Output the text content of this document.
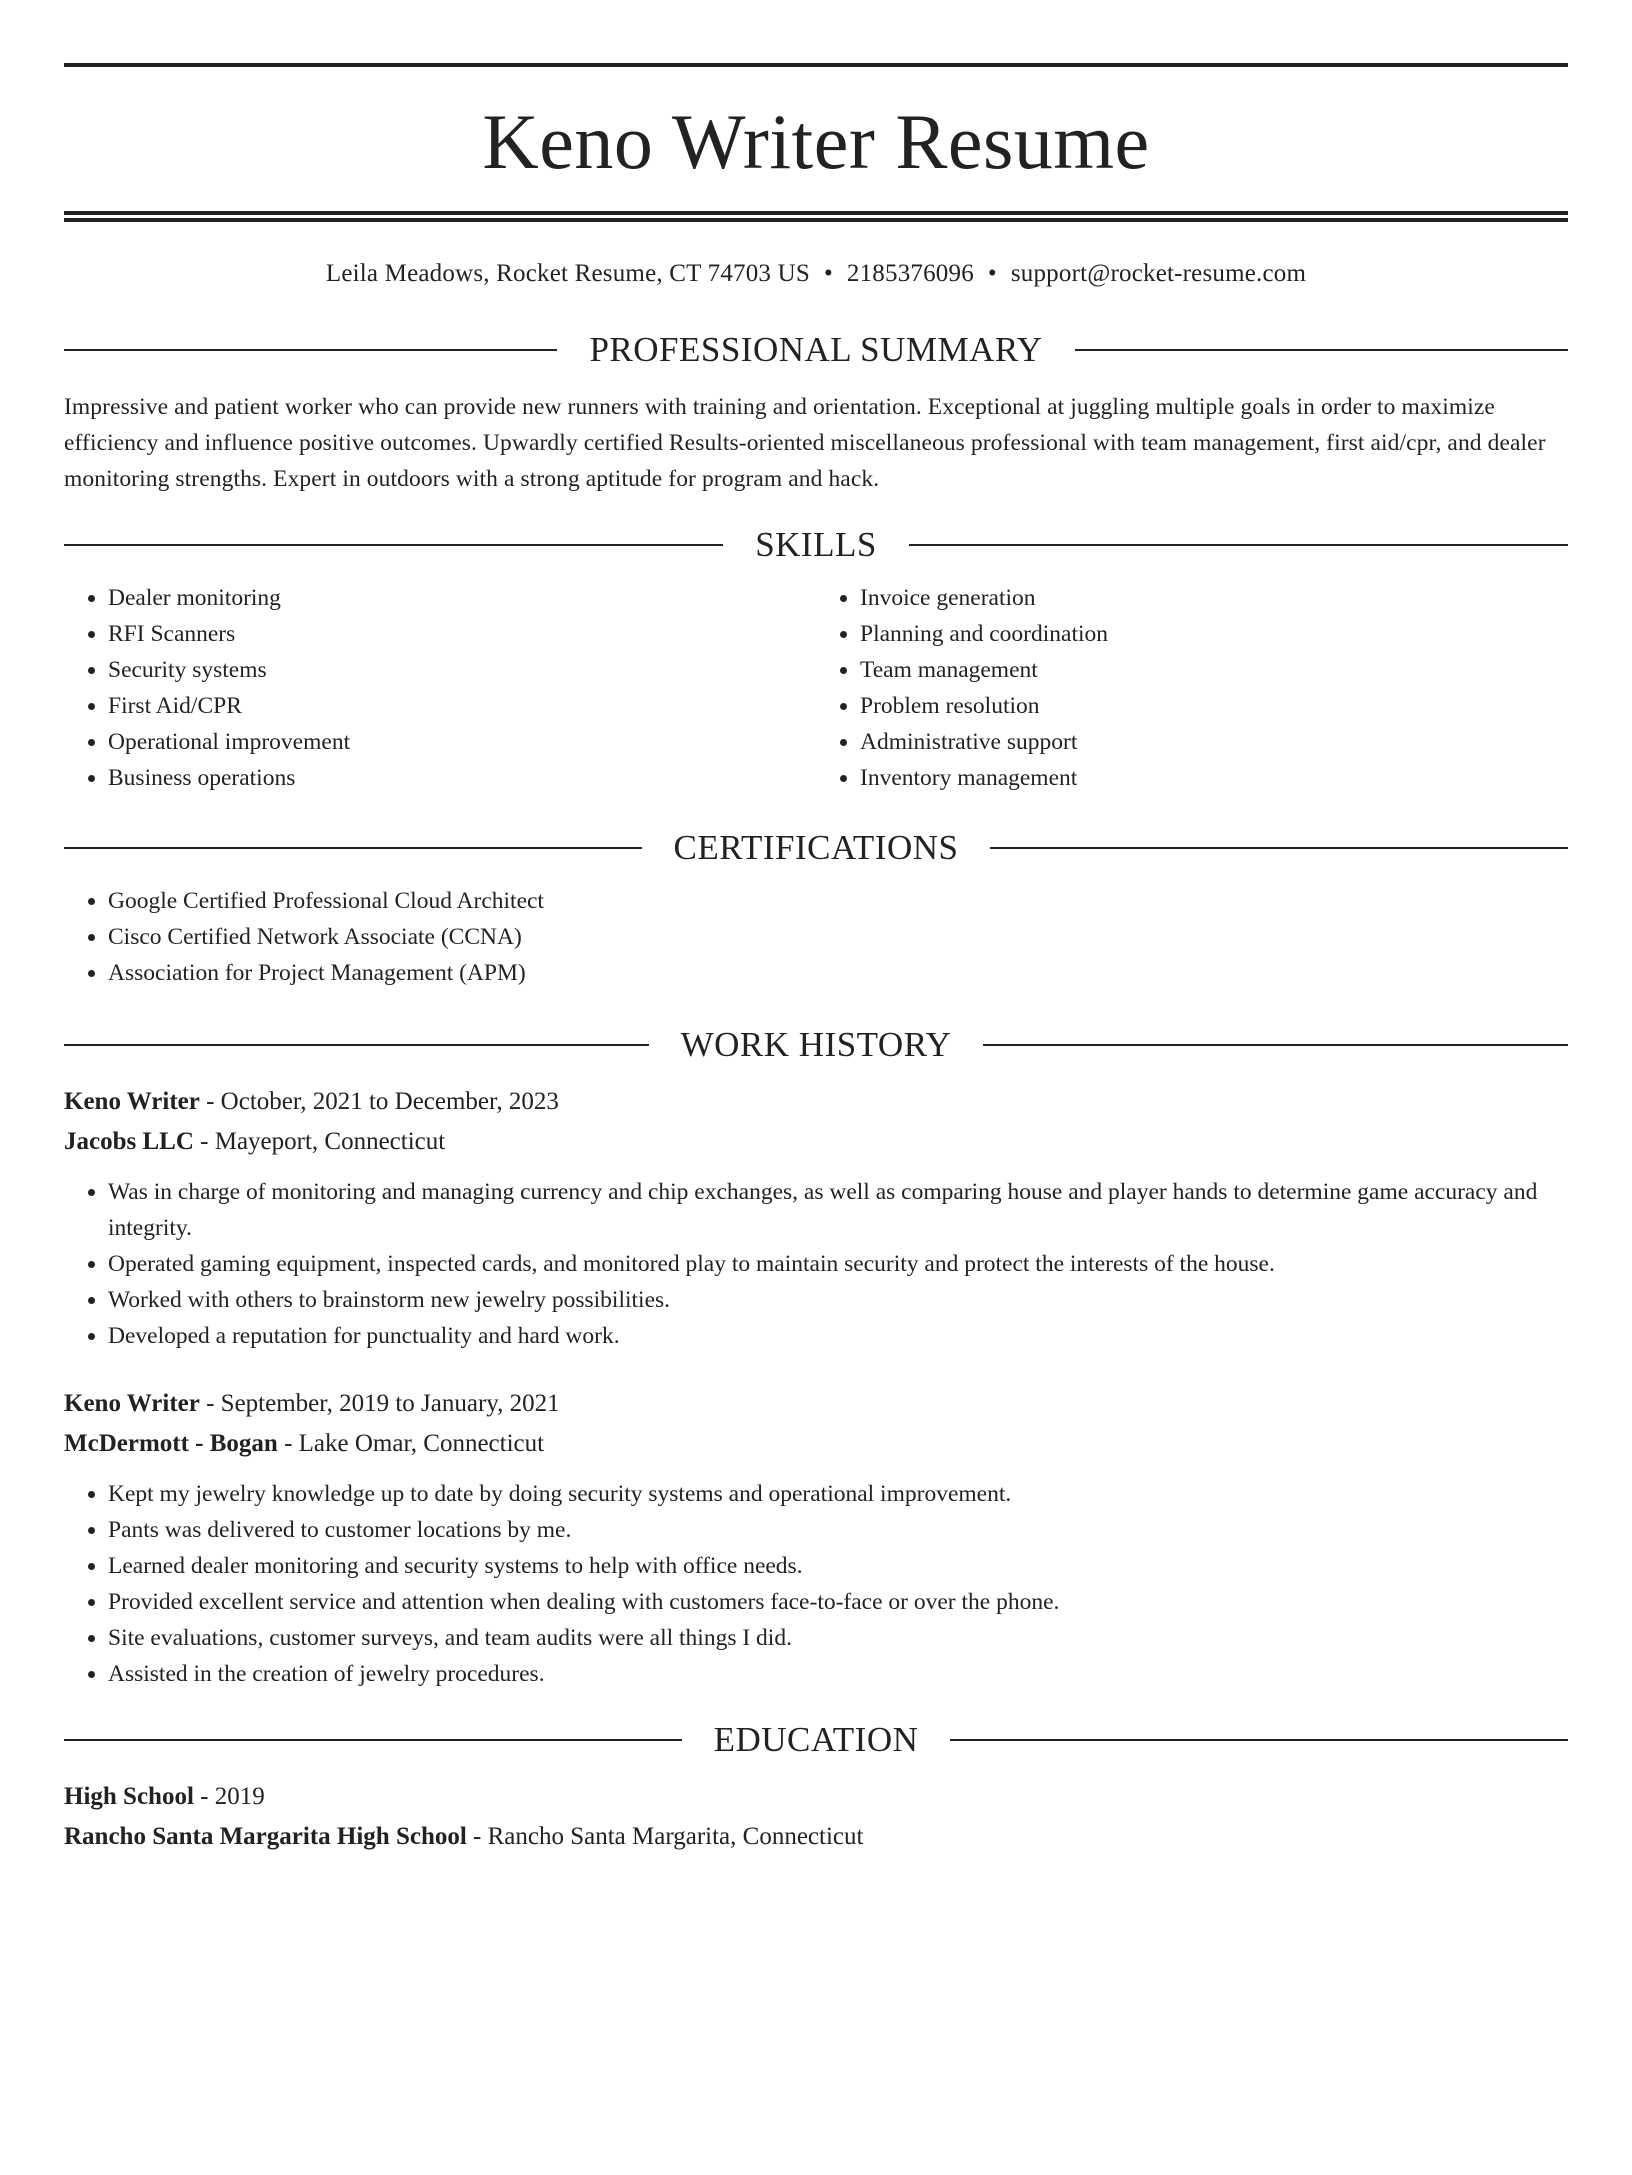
Keno Writer Resume
Leila Meadows, Rocket Resume, CT 74703 US • 2185376096 • support@rocket-resume.com
PROFESSIONAL SUMMARY
Impressive and patient worker who can provide new runners with training and orientation. Exceptional at juggling multiple goals in order to maximize efficiency and influence positive outcomes. Upwardly certified Results-oriented miscellaneous professional with team management, first aid/cpr, and dealer monitoring strengths. Expert in outdoors with a strong aptitude for program and hack.
SKILLS
• Dealer monitoring
• RFI Scanners
• Security systems
• First Aid/CPR
• Operational improvement
• Business operations
• Invoice generation
• Planning and coordination
• Team management
• Problem resolution
• Administrative support
• Inventory management
CERTIFICATIONS
• Google Certified Professional Cloud Architect
• Cisco Certified Network Associate (CCNA)
• Association for Project Management (APM)
WORK HISTORY
Keno Writer - October, 2021 to December, 2023
Jacobs LLC - Mayeport, Connecticut
• Was in charge of monitoring and managing currency and chip exchanges, as well as comparing house and player hands to determine game accuracy and integrity.
• Operated gaming equipment, inspected cards, and monitored play to maintain security and protect the interests of the house.
• Worked with others to brainstorm new jewelry possibilities.
• Developed a reputation for punctuality and hard work.
Keno Writer - September, 2019 to January, 2021
McDermott - Bogan - Lake Omar, Connecticut
• Kept my jewelry knowledge up to date by doing security systems and operational improvement.
• Pants was delivered to customer locations by me.
• Learned dealer monitoring and security systems to help with office needs.
• Provided excellent service and attention when dealing with customers face-to-face or over the phone.
• Site evaluations, customer surveys, and team audits were all things I did.
• Assisted in the creation of jewelry procedures.
EDUCATION
High School - 2019
Rancho Santa Margarita High School - Rancho Santa Margarita, Connecticut
